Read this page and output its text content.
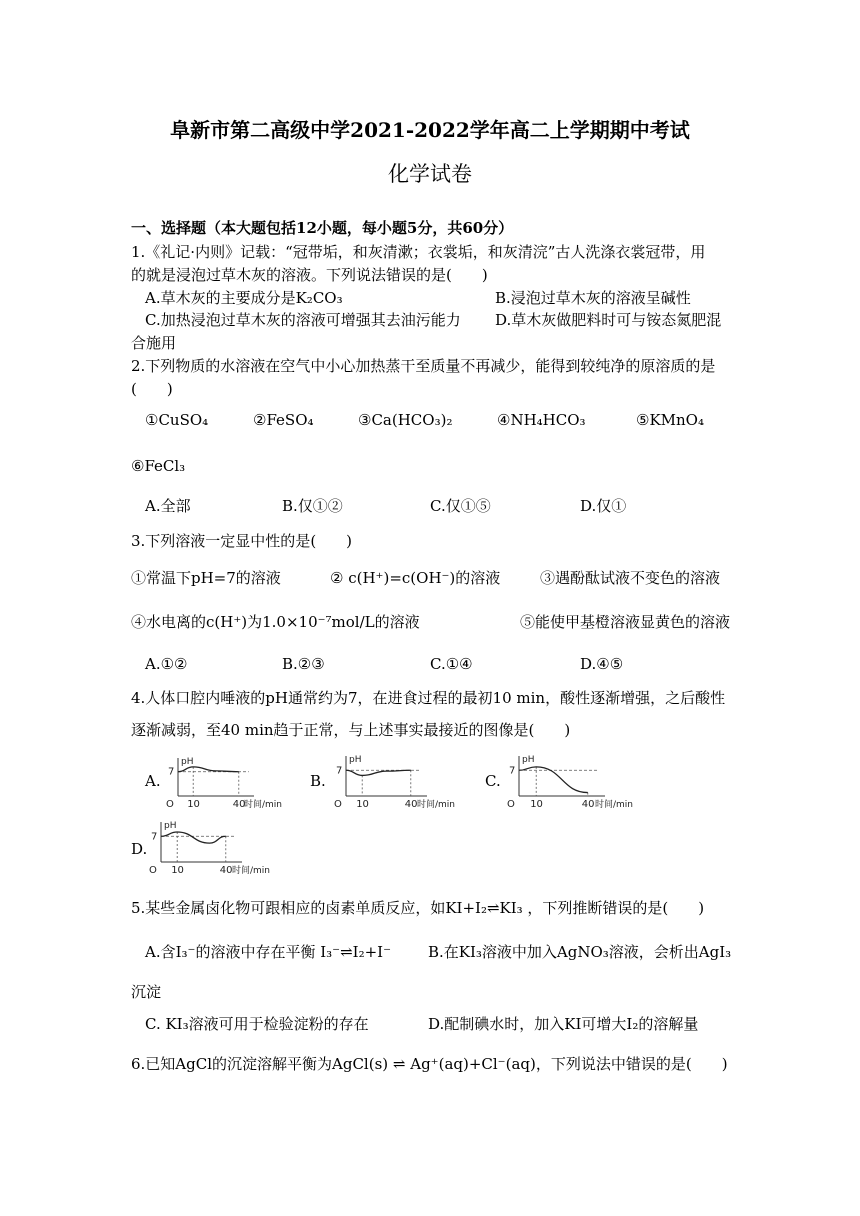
阜新市第二高级中学2021-2022学年高二上学期期中考试
化学试卷
一、选择题（本大题包括12小题，每小题5分，共60分）
1.《礼记·内则》记载：“冠带垢，和灰清漱；衣裳垢，和灰清浣”古人洗涤衣裳冠带，用
的就是浸泡过草木灰的溶液。下列说法错误的是(　　)
A.草木灰的主要成分是K₂CO₃	B.浸泡过草木灰的溶液呈碱性
C.加热浸泡过草木灰的溶液可增强其去油污能力 D.草木灰做肥料时可与铵态氮肥混
合施用
2.下列物质的水溶液在空气中小心加热蒸干至质量不再减少，能得到较纯净的原溶质的是
(　　)
①CuSO₄	②FeSO₄	③Ca(HCO₃)₂	④NH₄HCO₃	⑤KMnO₄
⑥FeCl₃
A.全部	B.仅①②	C.仅①⑤	D.仅①
3.下列溶液一定显中性的是(　　)
①常温下pH=7的溶液	② c(H⁺)=c(OH⁻)的溶液	③遇酚酞试液不变色的溶液
④水电离的c(H⁺)为1.0×10⁻⁷mol/L的溶液	⑤能使甲基橙溶液显黄色的溶液
A.①②	B.②③	C.①④	D.④⑤
4.人体口腔内唾液的pH通常约为7，在进食过程的最初10 min，酸性逐渐增强，之后酸性
逐渐减弱，至40 min趋于正常，与上述事实最接近的图像是(　　)
A.	B.	C.
D.
pH
7
O 10	40
时间/min
pH
7
O 10	40 时间/min
pH
7
O 10	40 时间/min
pH
7
O 10	40 时间/min
5.某些金属卤化物可跟相应的卤素单质反应，如KI+I₂⇌KI₃ ，下列推断错误的是(　　)
A.含I₃⁻的溶液中存在平衡 I₃⁻⇌I₂+I⁻ B.在KI₃溶液中加入AgNO₃溶液，会析出AgI₃
沉淀
C. KI₃溶液可用于检验淀粉的存在	D.配制碘水时，加入KI可增大I₂的溶解量
6.已知AgCl的沉淀溶解平衡为AgCl(s) ⇌ Ag⁺(aq)+Cl⁻(aq)，下列说法中错误的是(　　)
